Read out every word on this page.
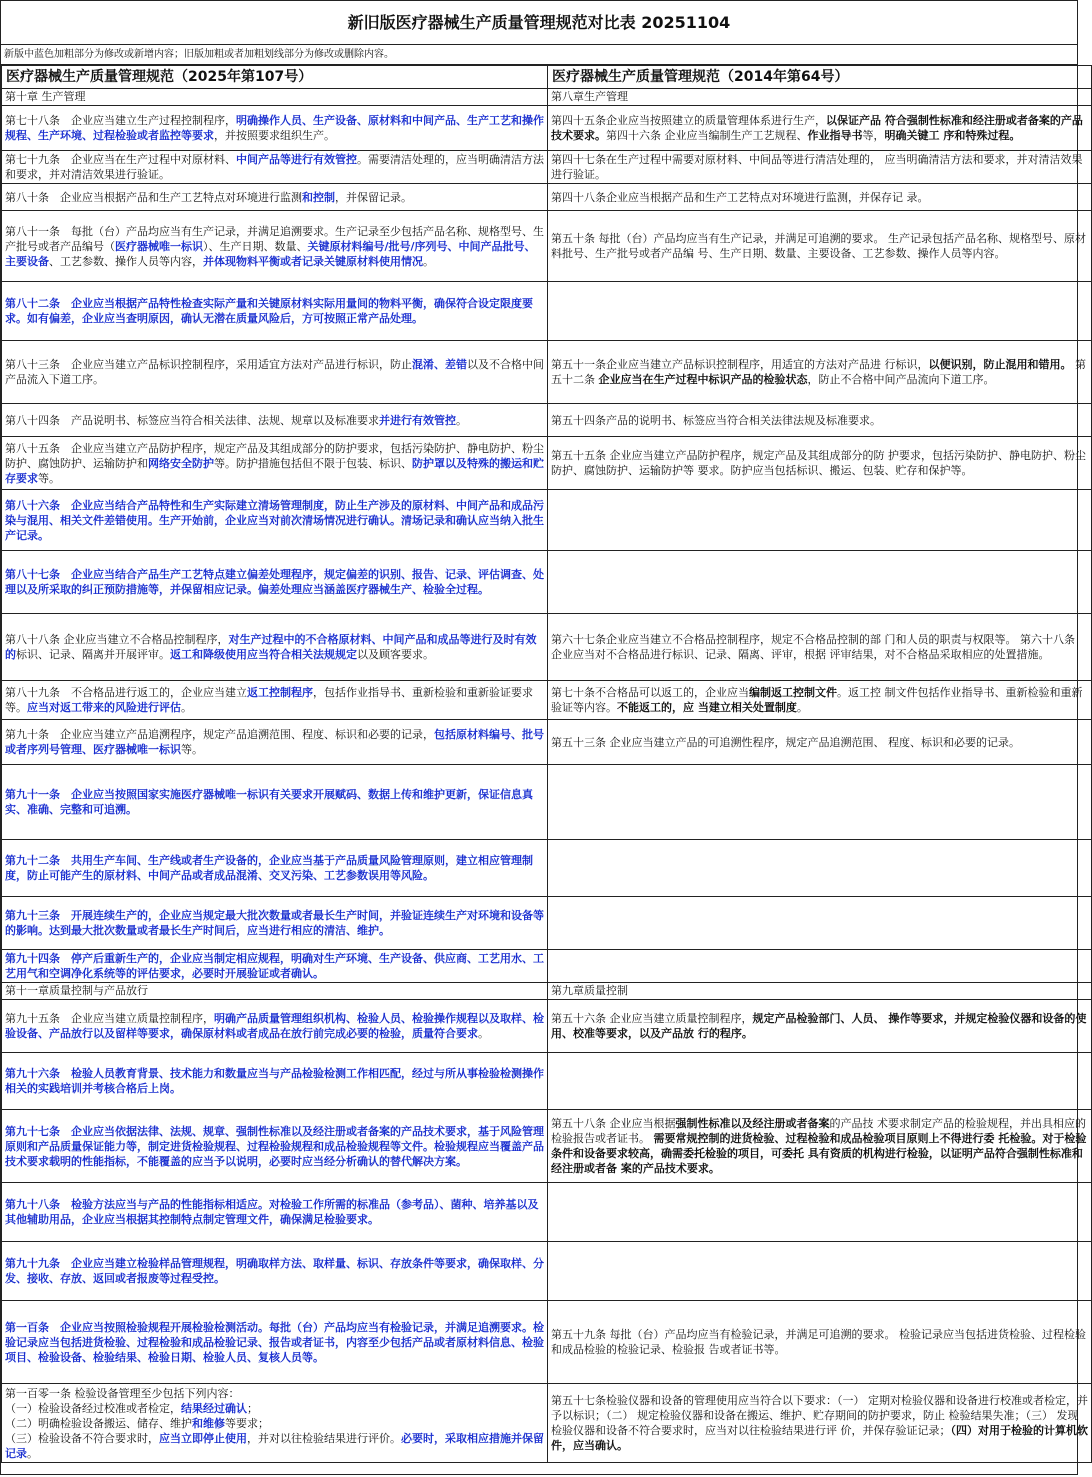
新旧版医疗器械生产质量管理规范对比表 20251104
新版中蓝色加粗部分为修改或新增内容；旧版加粗或者加粗划线部分为修改或删除内容。
医疗器械生产质量管理规范（2025年第107号）	医疗器械生产质量管理规范（2014年第64号）
第十章 生产管理	第八章生产管理
第七十八条　企业应当建立生产过程控制程序，明确操作人员、生产设备、原材料和中间产品、生产工艺和操作规程、生产环境、过程检验或者监控等要求，并按照要求组织生产。	第四十五条企业应当按照建立的质量管理体系进行生产，以保证产品 符合强制性标准和经注册或者备案的产品技术要求。第四十六条 企业应当编制生产工艺规程、作业指导书等，明确关键工 序和特殊过程。
第七十九条　企业应当在生产过程中对原材料、中间产品等进行有效管控。需要清洁处理的，应当明确清洁方法和要求，并对清洁效果进行验证。	第四十七条在生产过程中需要对原材料、中间品等进行清洁处理的， 应当明确清洁方法和要求，并对清洁效果进行验证。
第八十条　企业应当根据产品和生产工艺特点对环境进行监测和控制，并保留记录。	第四十八条企业应当根据产品和生产工艺特点对环境进行监测，并保存记 录。
第八十一条　每批（台）产品均应当有生产记录，并满足追溯要求。生产记录至少包括产品名称、规格型号、生产批号或者产品编号（医疗器械唯一标识）、生产日期、数量、关键原材料编号/批号/序列号、中间产品批号、主要设备、工艺参数、操作人员等内容，并体现物料平衡或者记录关键原材料使用情况。	第五十条 每批（台）产品均应当有生产记录，并满足可追溯的要求。 生产记录包括产品名称、规格型号、原材料批号、生产批号或者产品编 号、生产日期、数量、主要设备、工艺参数、操作人员等内容。
第八十二条　企业应当根据产品特性检查实际产量和关键原材料实际用量间的物料平衡，确保符合设定限度要求。如有偏差，企业应当查明原因，确认无潜在质量风险后，方可按照正常产品处理。	
第八十三条　企业应当建立产品标识控制程序，采用适宜方法对产品进行标识，防止混淆、差错以及不合格中间产品流入下道工序。	第五十一条企业应当建立产品标识控制程序，用适宜的方法对产品进 行标识，以便识别，防止混用和错用。 第五十二条 企业应当在生产过程中标识产品的检验状态，防止不合格中间产品流向下道工序。
第八十四条　产品说明书、标签应当符合相关法律、法规、规章以及标准要求并进行有效管控。	第五十四条产品的说明书、标签应当符合相关法律法规及标准要求。
第八十五条　企业应当建立产品防护程序，规定产品及其组成部分的防护要求，包括污染防护、静电防护、粉尘防护、腐蚀防护、运输防护和网络安全防护等。防护措施包括但不限于包装、标识、防护罩以及特殊的搬运和贮存要求等。	第五十五条 企业应当建立产品防护程序，规定产品及其组成部分的防 护要求，包括污染防护、静电防护、粉尘防护、腐蚀防护、运输防护等 要求。防护应当包括标识、搬运、包装、贮存和保护等。
第八十六条　企业应当结合产品特性和生产实际建立清场管理制度，防止生产涉及的原材料、中间产品和成品污染与混用、相关文件差错使用。生产开始前，企业应当对前次清场情况进行确认。清场记录和确认应当纳入批生产记录。	
第八十七条　企业应当结合产品生产工艺特点建立偏差处理程序，规定偏差的识别、报告、记录、评估调查、处理以及所采取的纠正预防措施等，并保留相应记录。偏差处理应当涵盖医疗器械生产、检验全过程。	
第八十八条 企业应当建立不合格品控制程序，对生产过程中的不合格原材料、中间产品和成品等进行及时有效的标识、记录、隔离并开展评审。返工和降级使用应当符合相关法规规定以及顾客要求。	第六十七条企业应当建立不合格品控制程序，规定不合格品控制的部 门和人员的职责与权限等。 第六十八条 企业应当对不合格品进行标识、记录、隔离、评审，根据 评审结果，对不合格品采取相应的处置措施。
第八十九条　不合格品进行返工的，企业应当建立返工控制程序，包括作业指导书、重新检验和重新验证要求等。应当对返工带来的风险进行评估。	第七十条不合格品可以返工的，企业应当编制返工控制文件。返工控 制文件包括作业指导书、重新检验和重新验证等内容。不能返工的，应 当建立相关处置制度。
第九十条　企业应当建立产品追溯程序，规定产品追溯范围、程度、标识和必要的记录，包括原材料编号、批号或者序列号管理、医疗器械唯一标识等。	第五十三条 企业应当建立产品的可追溯性程序，规定产品追溯范围、 程度、标识和必要的记录。
第九十一条　企业应当按照国家实施医疗器械唯一标识有关要求开展赋码、数据上传和维护更新，保证信息真实、准确、完整和可追溯。	
第九十二条　共用生产车间、生产线或者生产设备的，企业应当基于产品质量风险管理原则，建立相应管理制度，防止可能产生的原材料、中间产品或者成品混淆、交叉污染、工艺参数误用等风险。	
第九十三条　开展连续生产的，企业应当规定最大批次数量或者最长生产时间，并验证连续生产对环境和设备等的影响。达到最大批次数量或者最长生产时间后，应当进行相应的清洁、维护。	
第九十四条　停产后重新生产的，企业应当制定相应规程，明确对生产环境、生产设备、供应商、工艺用水、工艺用气和空调净化系统等的评估要求，必要时开展验证或者确认。	
第十一章质量控制与产品放行	第九章质量控制
第九十五条　企业应当建立质量控制程序，明确产品质量管理组织机构、检验人员、检验操作规程以及取样、检验设备、产品放行以及留样等要求，确保原材料或者成品在放行前完成必要的检验，质量符合要求。	第五十六条 企业应当建立质量控制程序，规定产品检验部门、人员、 操作等要求，并规定检验仪器和设备的使用、校准等要求，以及产品放 行的程序。
第九十六条　检验人员教育背景、技术能力和数量应当与产品检验检测工作相匹配，经过与所从事检验检测操作相关的实践培训并考核合格后上岗。	
第九十七条　企业应当依据法律、法规、规章、强制性标准以及经注册或者备案的产品技术要求，基于风险管理原则和产品质量保证能力等，制定进货检验规程、过程检验规程和成品检验规程等文件。检验规程应当覆盖产品技术要求载明的性能指标，不能覆盖的应当予以说明，必要时应当经分析确认的替代解决方案。	第五十八条 企业应当根据强制性标准以及经注册或者备案的产品技 术要求制定产品的检验规程，并出具相应的检验报告或者证书。 需要常规控制的进货检验、过程检验和成品检验项目原则上不得进行委 托检验。对于检验条件和设备要求较高，确需委托检验的项目，可委托 具有资质的机构进行检验，以证明产品符合强制性标准和经注册或者备 案的产品技术要求。
第九十八条　检验方法应当与产品的性能指标相适应。对检验工作所需的标准品（参考品）、菌种、培养基以及其他辅助用品，企业应当根据其控制特点制定管理文件，确保满足检验要求。	
第九十九条　企业应当建立检验样品管理规程，明确取样方法、取样量、标识、存放条件等要求，确保取样、分发、接收、存放、返回或者报废等过程受控。	
第一百条　企业应当按照检验规程开展检验检测活动。每批（台）产品均应当有检验记录，并满足追溯要求。检验记录应当包括进货检验、过程检验和成品检验记录、报告或者证书，内容至少包括产品或者原材料信息、检验项目、检验设备、检验结果、检验日期、检验人员、复核人员等。	第五十九条 每批（台）产品均应当有检验记录，并满足可追溯的要求。 检验记录应当包括进货检验、过程检验和成品检验的检验记录、检验报 告或者证书等。
第一百零一条 检验设备管理至少包括下列内容：
（一）检验设备经过校准或者检定，结果经过确认；
（二）明确检验设备搬运、储存、维护和维修等要求；
（三）检验设备不符合要求时，应当立即停止使用，并对以往检验结果进行评价。必要时，采取相应措施并保留记录。	第五十七条检验仪器和设备的管理使用应当符合以下要求：（一） 定期对检验仪器和设备进行校准或者检定，并予以标识；（二） 规定检验仪器和设备在搬运、维护、贮存期间的防护要求，防止 检验结果失准；（三） 发现检验仪器和设备不符合要求时，应当对以往检验结果进行评 价，并保存验证记录；（四）对用于检验的计算机软件，应当确认。
